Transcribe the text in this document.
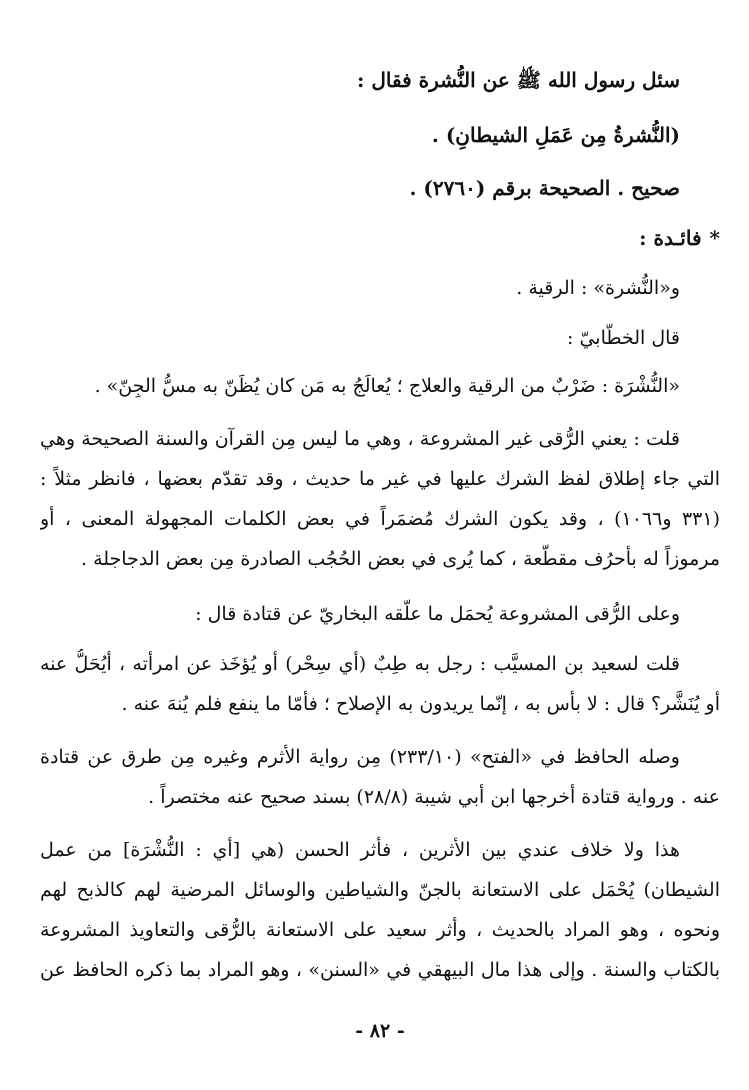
سئل رسول الله ﷺ عن النُّشرة فقال :
(النُّشرةُ مِن عَمَلِ الشيطانِ) .
صحيح . الصحيحة برقم (٢٧٦٠) .
*فائـدة :
و«النُّشرة» : الرقية .
قال الخطَّابيّ :
«النُّشْرَة : ضَرْبٌ من الرقية والعلاج ؛ يُعالَجُ به مَن كان يُظَنّ به مسُّ الجِنّ» .
قلت : يعني الرُّقى غير المشروعة ، وهي ما ليس مِن القرآن والسنة الصحيحة وهي
التي جاء إطلاق لفظ الشرك عليها في غير ما حديث ، وقد تقدّم بعضها ، فانظر مثلاً :
(٣٣١ و١٠٦٦) ، وقد يكون الشرك مُضمَراً في بعض الكلمات المجهولة المعنى ، أو
مرموزاً له بأحرُف مقطَّعة ، كما يُرى في بعض الحُجُب الصادرة مِن بعض الدجاجلة .
وعلى الرُّقى المشروعة يُحمَل ما علّقه البخاريّ عن قتادة قال :
قلت لسعيد بن المسيَّب : رجل به طِبٌ (أي سِحْر) أو يُؤخَذ عن امرأته ، أيُحَلُّ عنه
أو يُنَشَّر؟ قال : لا بأس به ، إنّما يريدون به الإصلاح ؛ فأمّا ما ينفع فلم يُنهَ عنه .
وصله الحافظ في «الفتح» (٢٣٣/١٠) مِن رواية الأثرم وغيره مِن طرق عن قتادة
عنه . ورواية قتادة أخرجها ابن أبي شيبة (٢٨/٨) بسند صحيح عنه مختصراً .
هذا ولا خلاف عندي بين الأثرين ، فأثر الحسن (هي [أي : النُّشْرَة] من عمل
الشيطان) يُحْمَل على الاستعانة بالجنّ والشياطين والوسائل المرضية لهم كالذبح لهم
ونحوه ، وهو المراد بالحديث ، وأثر سعيد على الاستعانة بالرُّقى والتعاويذ المشروعة
بالكتاب والسنة . وإلى هذا مال البيهقي في «السنن» ، وهو المراد بما ذكره الحافظ عن
- ٨٢ -
